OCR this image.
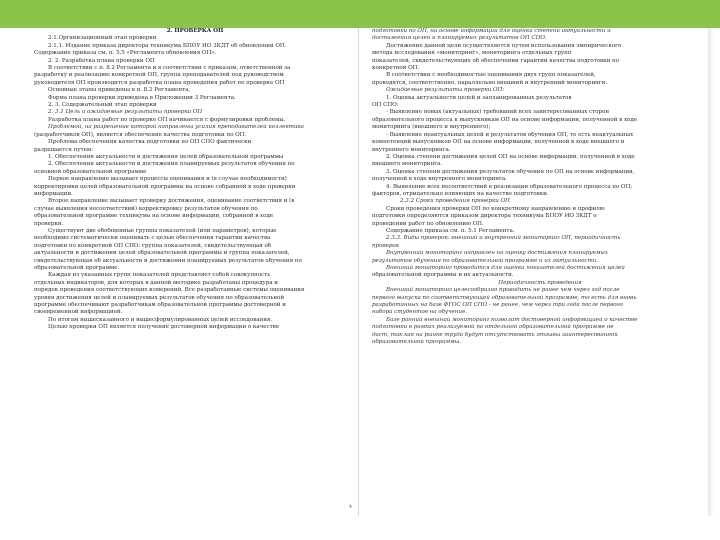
2. ПРОВЕРКА ОП
2.1.Организационный этап проверки
2.1.1. Издание приказа директора техникума БПОУ ИО ЗКДТ об обновлении ОП.
Содержание приказа см. п. 5.5 «Регламента обновления ОП».
2. 2. Разработка плана проверки ОП
В соответствии с п. 8.2 Регламента и в соответствии с приказом, ответственной за
разработку и реализацию конкретной ОП, группа преподавателей под руководством
руководителя ОП производится разработка плана проведения работ по проверке ОП
Основные этапы приведены в п. 8.2 Регламента,
Форма плана проверки приведена в Приложении 3 Регламента.
2. 3. Содержательный этап проверки
2. 3.1 Цель и ожидаемые результаты проверки ОП
Разработка плана работ по проверке ОП начинается с формулировки проблемы.
Проблемой, на разрешение которой направлены усилия преподавателей коллектива
(разработчиков ОП), является обеспечение качества подготовки по ОП.
Проблема обеспечения качества подготовки по ОП СПО фактически
разрешается путем:
1. Обеспечения актуальности и достижения целей образовательной программы
2. Обеспечения актуальности и достижения планируемых результатов обучения по
основной образовательной программе
Первое направление вызывает процессы оценивания и (в случае необходимости)
корректировки целей образовательной программы на основе собранной в ходе проверки
информации.
Второе направление вызывает проверку достижения, оценивание соответствия и (в
случае выявления несоответствий) корректировку результатов обучения по
образовательной программе техникума на основе информации, собранной в ходе
проверки.
Существуют две обобщенные группы показателей (или параметров), которые
необходимо систематически оценивать с целью обеспечения гарантии качества
подготовки по конкретной ОП СПО: группа показателей, свидетельствующая об
актуальности и достижении целей образовательной программы и группа показателей,
свидетельствующая об актуальности и достижении планируемых результатов обучения по
образовательной программе.
Каждая из указанных групп показателей представляет собой совокупность
отдельных индикаторов, для которых в данной методике разработаны процедура и
порядок проведения соответствующих измерений. Все разработанные системы оценивания
уровня достижения целей и планируемых результатов обучения по образовательной
программе обеспечивают разработчикам образовательной программы достоверной и
своевременной информацией.
По итогам вышесказанного и вышесформулированных целей исследования.
Целью проверки ОП является получение достоверной информации о качестве
4
подготовки по ОП, на основе информации для оценки степени актуальности и
достижения целей и планируемых результатов ОП СПО.
Достижение данной цели осуществляется путем использования эмпирического
метода исследования «мониторинг», мониторинга отдельных групп
показателей, свидетельствующих об обеспечении гарантии качества подготовки по
конкретной ОП.
В соответствии с необходимостью оценивания двух групп показателей,
проводятся, соответственно, параллельно внешний и внутренний мониторинги.
Ожидаемые результаты проверки ОП:
1. Оценка актуальности целей и запланированных результатов
ОП СПО:
- Выявление новых (актуальных) требований всех заинтересованных сторон
образовательного процесса к выпускникам ОП на основе информации, полученной в ходе
мониторинга (внешнего и внутреннего);
- Выявление неактуальных целей и результатов обучения ОП, то есть неактуальных
компетенций выпускников ОП на основе информации, полученной в ходе внешнего и
внутреннего мониторинга.
2. Оценка степени достижения целей ОП на основе информации, полученной в ходе
внешнего мониторинга.
3. Оценка степени достижения результатов обучения по ОП на основе информации,
полученной в ходе внутреннего мониторинга.
4. Выявление всех несоответствий в реализации образовательного процесса по ОП;
факторов, отрицательно влияющих на качество подготовки.
2.3.2 Сроки проведения проверки ОП
Сроки проведения проверки ОП по конкретному направлению и профилю
подготовки определяются приказом директора техникума БПОУ ИО ЗКДТ о
проведении работ по обновлению ОП.
Содержание приказа см. п. 5.1 Регламента.
2.3.3. Виды проверок: внешний и внутренний мониторинг ОП, периодичность
проверок
Внутренний мониторинг направлен на оценку достижения планируемых
результатов обучения по образовательной программе и их актуальности.
Внешний мониторинг проводится для оценки показателей достижения целей
образовательной программы и их актуальности.
Периодичность проведения
Внешний мониторинг целесообразно проводить не ранее чем через год после
первого выпуска по соответствующей образовательной программе, то есть для вновь
разработанных на базе ФГОС ОП СПО - не ранее, чем через три года после первого
набора студентов на обучение.
Базе ранний внешний мониторинг позволит достоверной информацией о качестве
подготовки в рамках реализуемой по отдельной образовательной программе не
даст, так как на рынке труда будут отсутствовать отзывы заинтересованной
образовательной программы.
